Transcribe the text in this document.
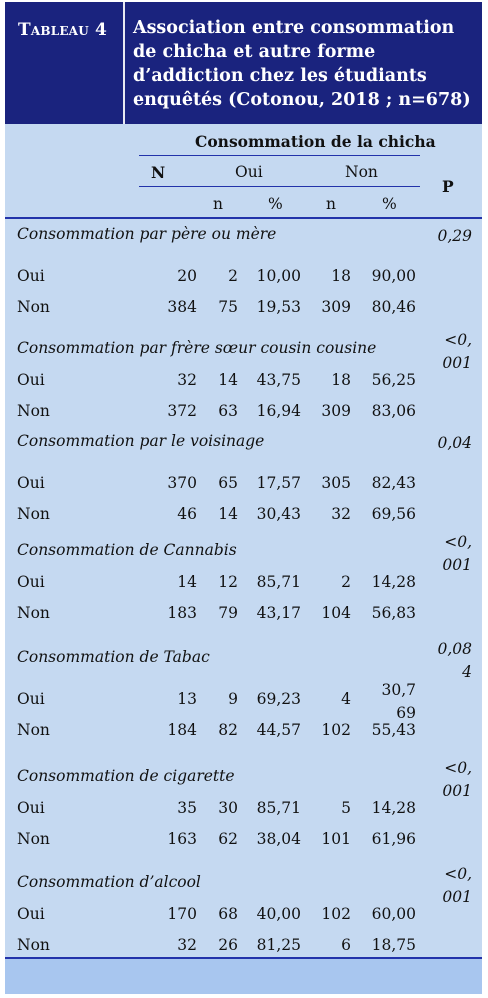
Tableau 4 Association entre consommation de chicha et autre forme d’addiction chez les étudiants enquêtés (Cotonou, 2018 ; n=678)
Consommation de la chicha
N	Oui	Non
P
n	%	n	%
Consommation par père ou mère	0,29
Oui	20 2 10,00 18 90,00
Non	384 75 19,53 309 80,46
Consommation par frère sœur cousin cousine	<0,001
Oui	32 14 43,75 18 56,25
Non	372 63 16,94 309 83,06
Consommation par le voisinage	0,04
Oui	370 65 17,57 305 82,43
Non	46 14 30,43 32 69,56
Consommation de Cannabis	<0,001
Oui	14 12 85,71	2 14,28
Non	183 79 43,17 104 56,83
Consommation de Tabac	0,084
Oui	13 9 69,23	4	30,769
Non	184 82 44,57 102 55,43
Consommation de cigarette	<0,001
Oui	35 30 85,71	5 14,28
Non	163 62 38,04 101 61,96
Consommation d’alcool	<0,001
Oui	170 68 40,00 102 60,00
Non	32 26 81,25	6 18,75
